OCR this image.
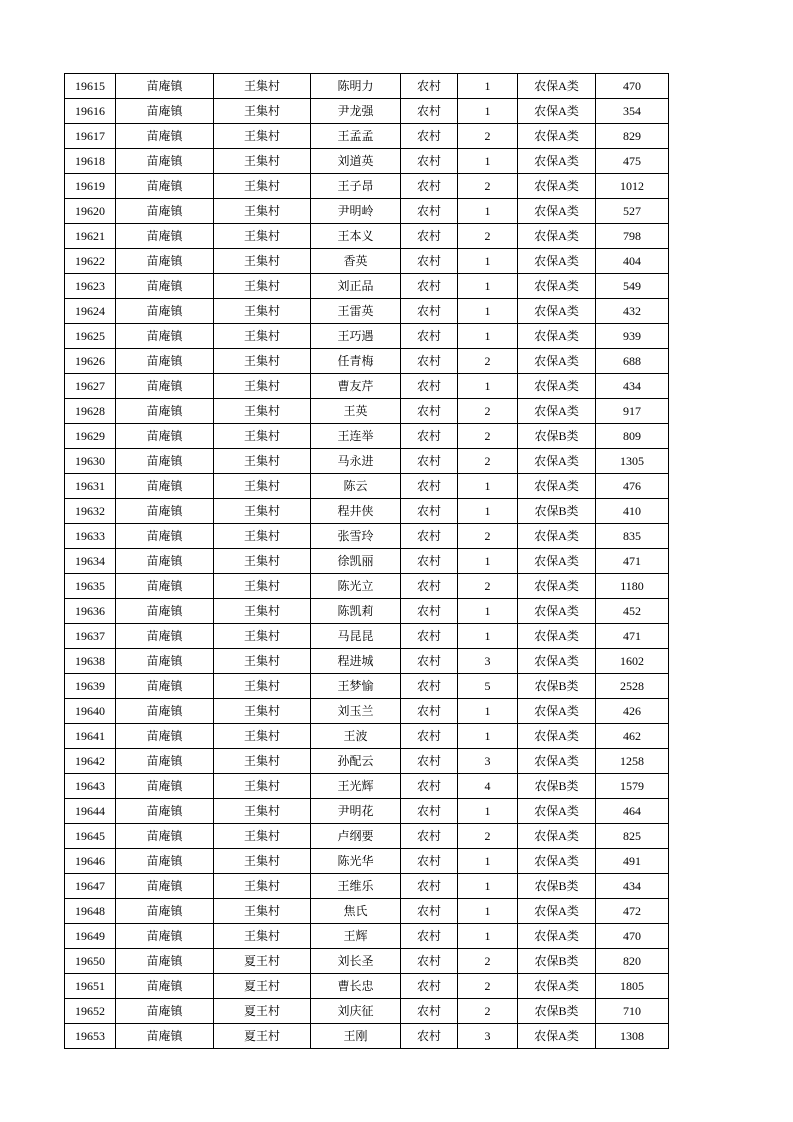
19615	苗庵镇	王集村	陈明力	农村	1	农保A类	470
19616	苗庵镇	王集村	尹龙强	农村	1	农保A类	354
19617	苗庵镇	王集村	王孟孟	农村	2	农保A类	829
19618	苗庵镇	王集村	刘道英	农村	1	农保A类	475
19619	苗庵镇	王集村	王子昂	农村	2	农保A类	1012
19620	苗庵镇	王集村	尹明岭	农村	1	农保A类	527
19621	苗庵镇	王集村	王本义	农村	2	农保A类	798
19622	苗庵镇	王集村	香英	农村	1	农保A类	404
19623	苗庵镇	王集村	刘正品	农村	1	农保A类	549
19624	苗庵镇	王集村	王雷英	农村	1	农保A类	432
19625	苗庵镇	王集村	王巧遇	农村	1	农保A类	939
19626	苗庵镇	王集村	任青梅	农村	2	农保A类	688
19627	苗庵镇	王集村	曹友芹	农村	1	农保A类	434
19628	苗庵镇	王集村	王英	农村	2	农保A类	917
19629	苗庵镇	王集村	王连举	农村	2	农保B类	809
19630	苗庵镇	王集村	马永进	农村	2	农保A类	1305
19631	苗庵镇	王集村	陈云	农村	1	农保A类	476
19632	苗庵镇	王集村	程井侠	农村	1	农保B类	410
19633	苗庵镇	王集村	张雪玲	农村	2	农保A类	835
19634	苗庵镇	王集村	徐凯丽	农村	1	农保A类	471
19635	苗庵镇	王集村	陈光立	农村	2	农保A类	1180
19636	苗庵镇	王集村	陈凯莉	农村	1	农保A类	452
19637	苗庵镇	王集村	马昆昆	农村	1	农保A类	471
19638	苗庵镇	王集村	程进城	农村	3	农保A类	1602
19639	苗庵镇	王集村	王梦愉	农村	5	农保B类	2528
19640	苗庵镇	王集村	刘玉兰	农村	1	农保A类	426
19641	苗庵镇	王集村	王波	农村	1	农保A类	462
19642	苗庵镇	王集村	孙配云	农村	3	农保A类	1258
19643	苗庵镇	王集村	王光辉	农村	4	农保B类	1579
19644	苗庵镇	王集村	尹明花	农村	1	农保A类	464
19645	苗庵镇	王集村	卢纲要	农村	2	农保A类	825
19646	苗庵镇	王集村	陈光华	农村	1	农保A类	491
19647	苗庵镇	王集村	王维乐	农村	1	农保B类	434
19648	苗庵镇	王集村	焦氏	农村	1	农保A类	472
19649	苗庵镇	王集村	王辉	农村	1	农保A类	470
19650	苗庵镇	夏王村	刘长圣	农村	2	农保B类	820
19651	苗庵镇	夏王村	曹长忠	农村	2	农保A类	1805
19652	苗庵镇	夏王村	刘庆征	农村	2	农保B类	710
19653	苗庵镇	夏王村	王刚	农村	3	农保A类	1308
